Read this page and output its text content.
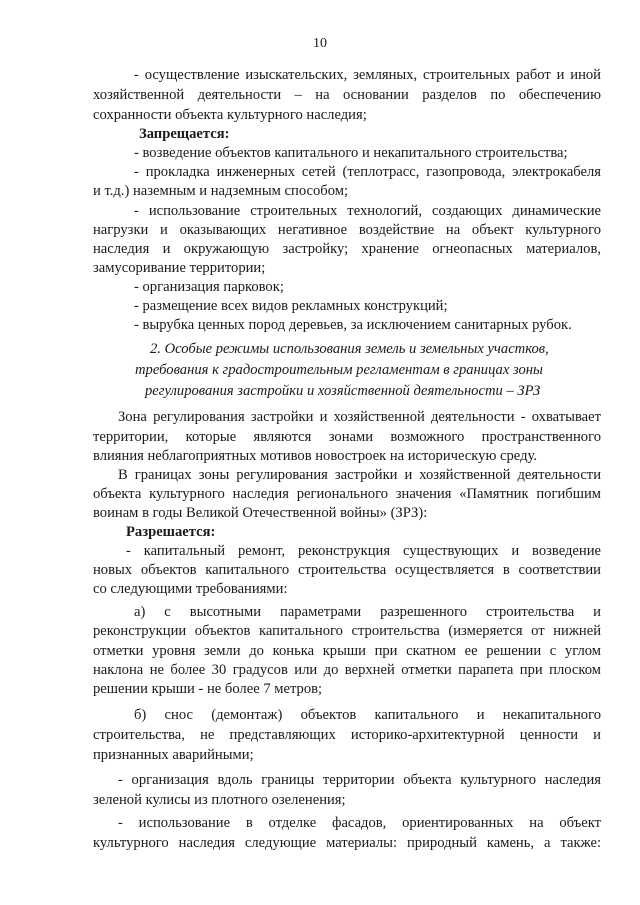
10
- осуществление изыскательских, земляных, строительных работ и иной
хозяйственной деятельности – на основании разделов по обеспечению
сохранности объекта культурного наследия;
Запрещается:
- возведение объектов капитального и некапитального строительства;
- прокладка инженерных сетей (теплотрасс, газопровода, электрокабеля
и т.д.) наземным и надземным способом;
- использование строительных технологий, создающих динамические
нагрузки и оказывающих негативное воздействие на объект культурного
наследия и окружающую застройку; хранение огнеопасных материалов,
замусоривание территории;
- организация парковок;
- размещение всех видов рекламных конструкций;
- вырубка ценных пород деревьев, за исключением санитарных рубок.
2. Особые режимы использования земель и земельных участков,
требования к градостроительным регламентам в границах зоны
регулирования застройки и хозяйственной деятельности – ЗРЗ
Зона регулирования застройки и хозяйственной деятельности - охватывает
территории, которые являются зонами возможного пространственного
влияния неблагоприятных мотивов новостроек на историческую среду.
В границах зоны регулирования застройки и хозяйственной деятельности
объекта культурного наследия регионального значения «Памятник погибшим
воинам в годы Великой Отечественной войны» (ЗРЗ):
Разрешается:
- капитальный ремонт, реконструкция существующих и возведение
новых объектов капитального строительства осуществляется в соответствии
со следующими требованиями:
а) с высотными параметрами разрешенного строительства и
реконструкции объектов капитального строительства (измеряется от нижней
отметки уровня земли до конька крыши при скатном ее решении с углом
наклона не более 30 градусов или до верхней отметки парапета при плоском
решении крыши - не более 7 метров;
б) снос (демонтаж) объектов капитального и некапитального
строительства, не представляющих историко-архитектурной ценности и
признанных аварийными;
- организация вдоль границы территории объекта культурного наследия
зеленой кулисы из плотного озеленения;
- использование в отделке фасадов, ориентированных на объект
культурного наследия следующие материалы: природный камень, а также:
